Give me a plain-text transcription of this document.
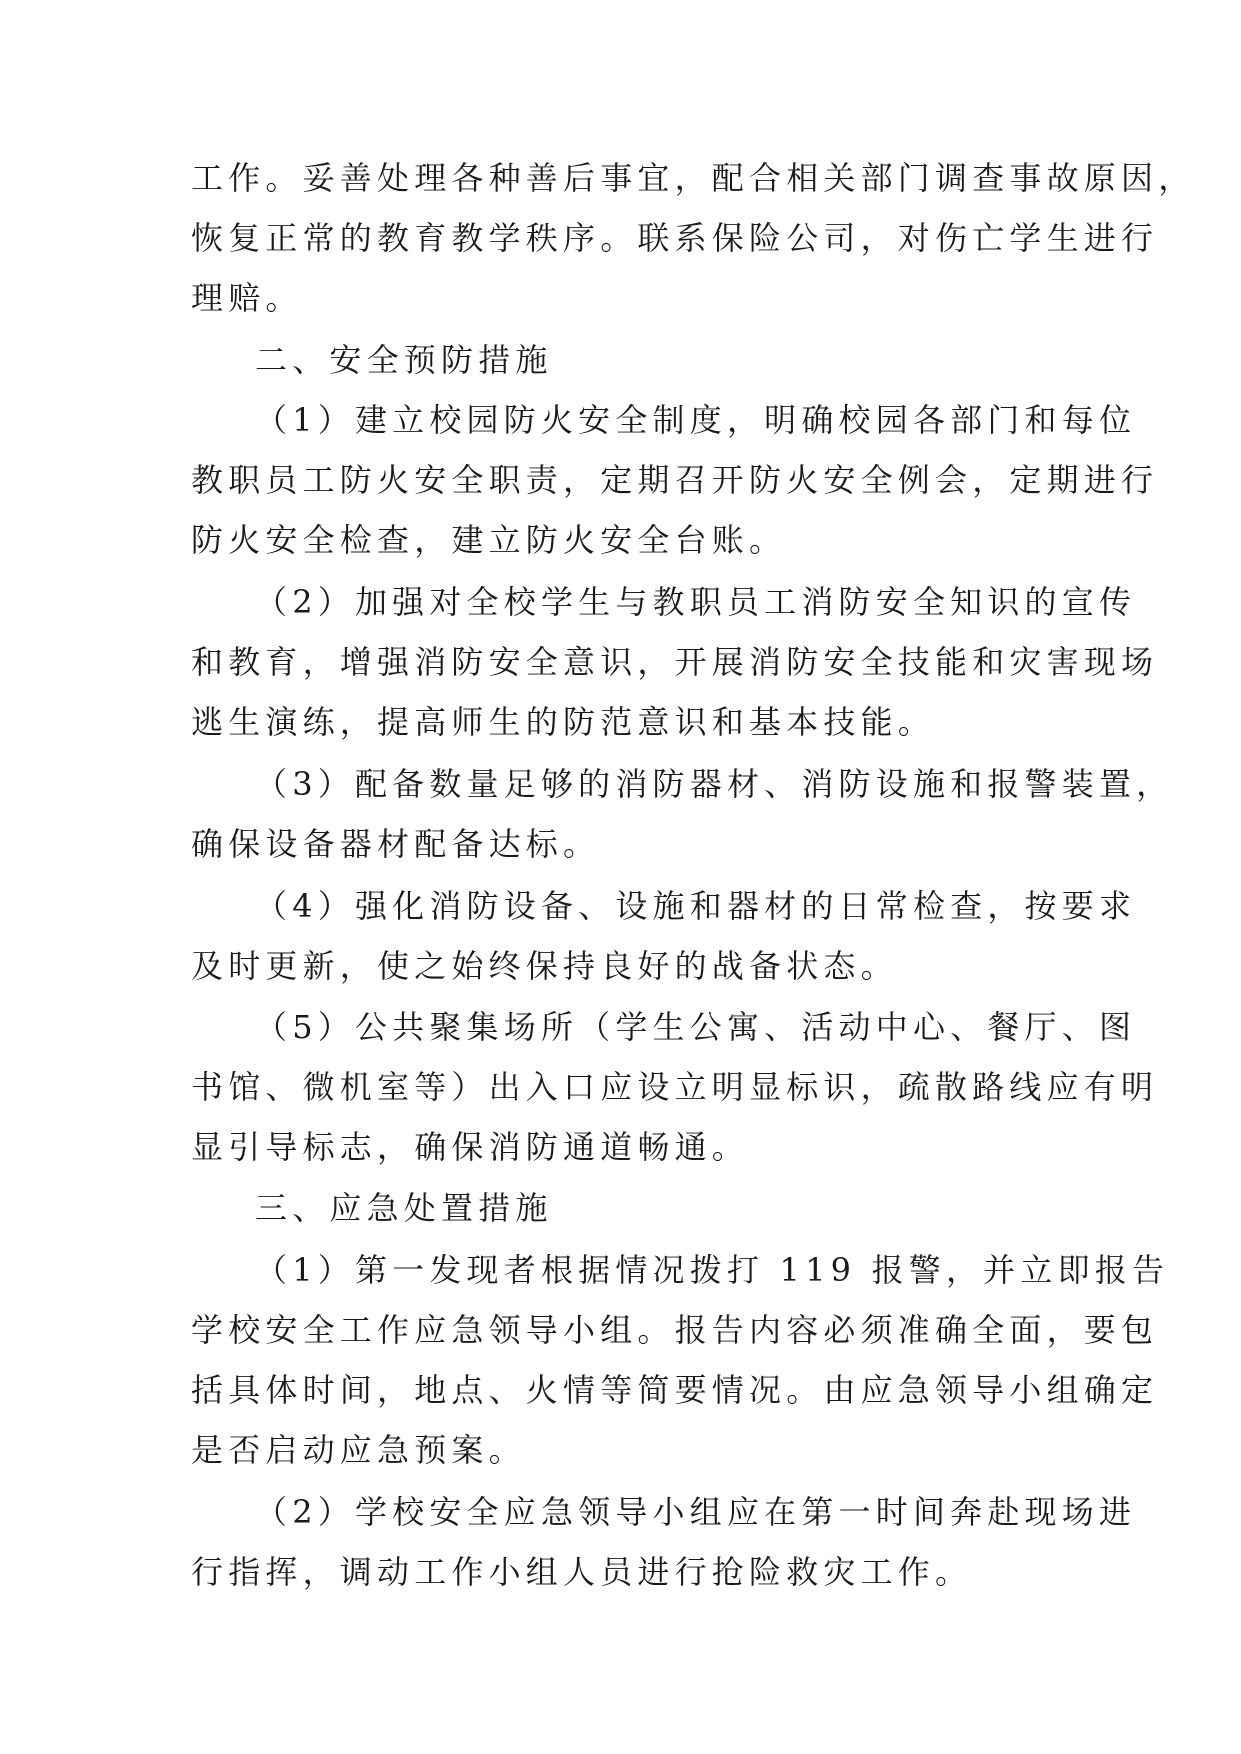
工作。妥善处理各种善后事宜，配合相关部门调查事故原因，
恢复正常的教育教学秩序。联系保险公司，对伤亡学生进行
理赔。
二、安全预防措施
（1）建立校园防火安全制度，明确校园各部门和每位
教职员工防火安全职责，定期召开防火安全例会，定期进行
防火安全检查，建立防火安全台账。
（2）加强对全校学生与教职员工消防安全知识的宣传
和教育，增强消防安全意识，开展消防安全技能和灾害现场
逃生演练，提高师生的防范意识和基本技能。
（3）配备数量足够的消防器材、消防设施和报警装置，
确保设备器材配备达标。
（4）强化消防设备、设施和器材的日常检查，按要求
及时更新，使之始终保持良好的战备状态。
（5）公共聚集场所（学生公寓、活动中心、餐厅、图
书馆、微机室等）出入口应设立明显标识，疏散路线应有明
显引导标志，确保消防通道畅通。
三、应急处置措施
（1）第一发现者根据情况拨打 119 报警，并立即报告
学校安全工作应急领导小组。报告内容必须准确全面，要包
括具体时间，地点、火情等简要情况。由应急领导小组确定
是否启动应急预案。
（2）学校安全应急领导小组应在第一时间奔赴现场进
行指挥，调动工作小组人员进行抢险救灾工作。
